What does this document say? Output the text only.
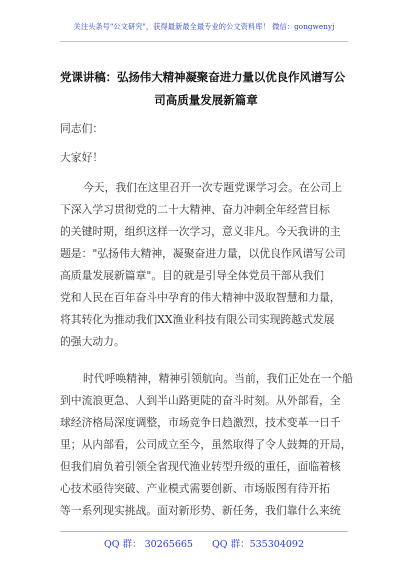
关注头条号"公文研究"，获得最新最全最专业的公文资料库！ 微信：gongwenyj
党课讲稿：弘扬伟大精神凝聚奋进力量以优良作风谱写公
司高质量发展新篇章
同志们：
大家好！
今天，我们在这里召开一次专题党课学习会。在公司上
下深入学习贯彻党的二十大精神、奋力冲刺全年经营目标
的关键时期，组织这样一次学习，意义非凡。今天我讲的主
题是："弘扬伟大精神，凝聚奋进力量，以优良作风谱写公司
高质量发展新篇章"。目的就是引导全体党员干部从我们
党和人民在百年奋斗中孕育的伟大精神中汲取智慧和力量，
将其转化为推动我们XX渔业科技有限公司实现跨越式发展
的强大动力。
时代呼唤精神，精神引领航向。当前，我们正处在一个船
到中流浪更急、人到半山路更陡的奋斗时刻。从外部看，全
球经济格局深度调整，市场竞争日趋激烈，技术变革一日千
里；从内部看，公司成立至今，虽然取得了令人鼓舞的开局，
但我们肩负着引领全省现代渔业转型升级的重任，面临着核
心技术亟待突破、产业模式需要创新、市场版图有待开拓
等一系列现实挑战。面对新形势、新任务，我们靠什么来统
QQ 群： 30265665 QQ 群：535304092
